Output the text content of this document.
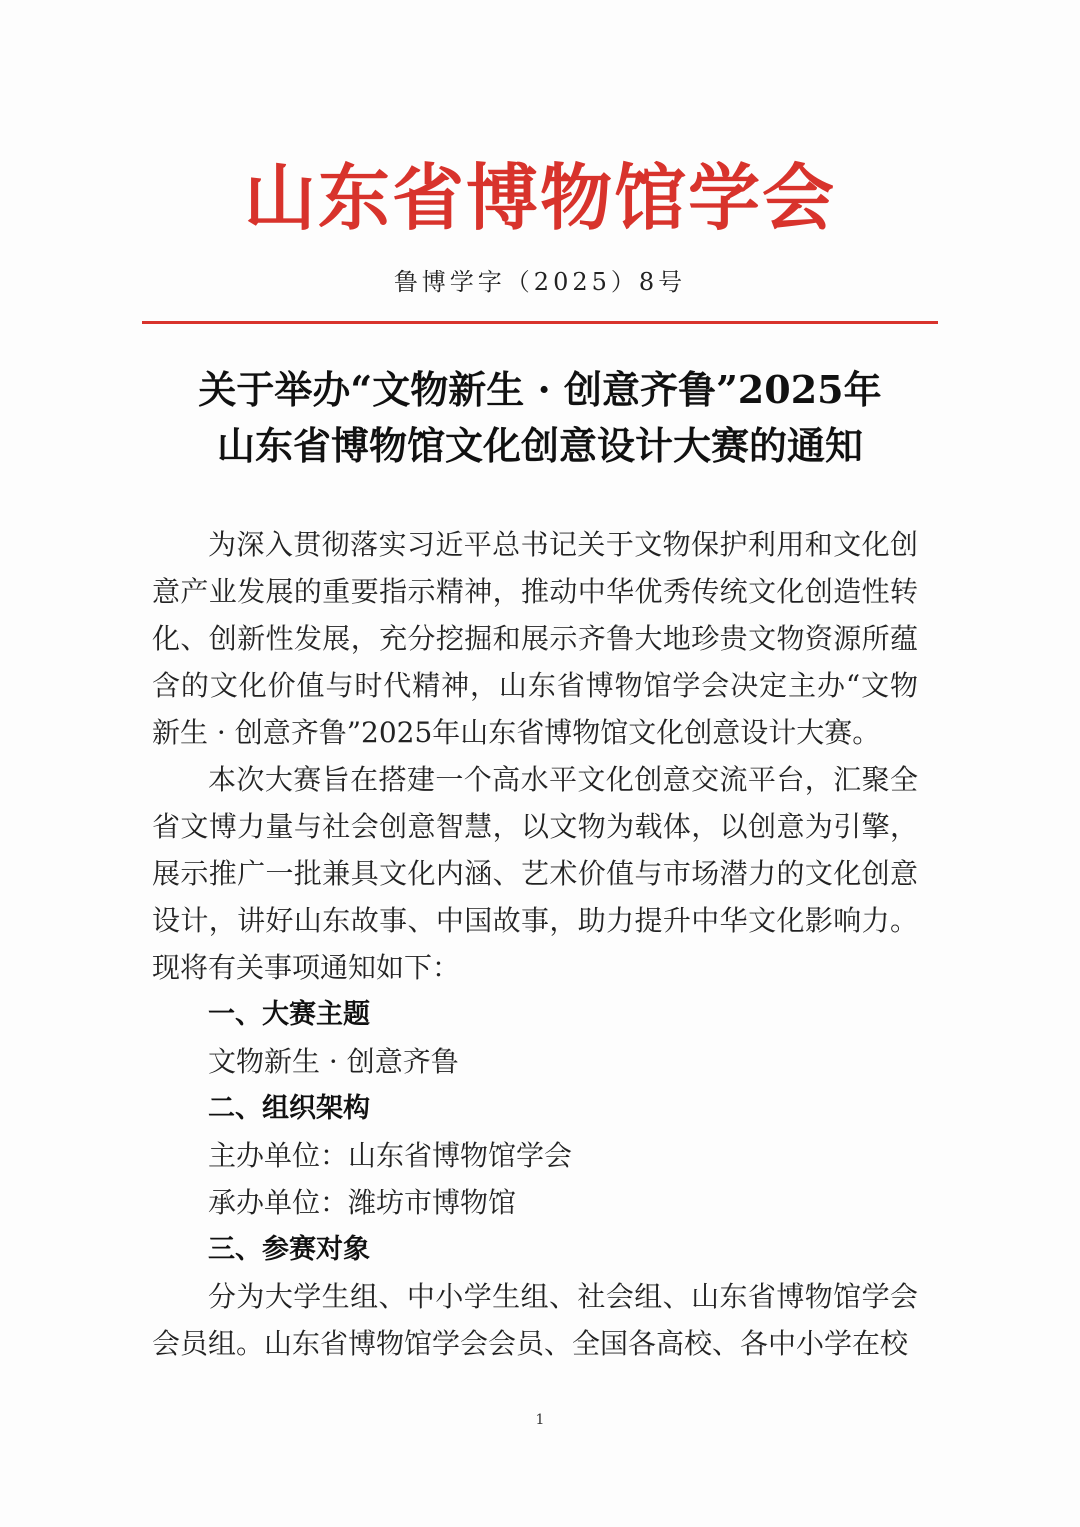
山东省博物馆学会
鲁博学字（2025）8号
关于举办“文物新生 · 创意齐鲁”2025年
山东省博物馆文化创意设计大赛的通知

为深入贯彻落实习近平总书记关于文物保护利用和文化创意产业发展的重要指示精神，推动中华优秀传统文化创造性转化、创新性发展，充分挖掘和展示齐鲁大地珍贵文物资源所蕴含的文化价值与时代精神，山东省博物馆学会决定主办“文物新生 · 创意齐鲁”2025年山东省博物馆文化创意设计大赛。

本次大赛旨在搭建一个高水平文化创意交流平台，汇聚全省文博力量与社会创意智慧，以文物为载体，以创意为引擎，展示推广一批兼具文化内涵、艺术价值与市场潜力的文化创意设计，讲好山东故事、中国故事，助力提升中华文化影响力。现将有关事项通知如下：

一、大赛主题
文物新生 · 创意齐鲁
二、组织架构
主办单位：山东省博物馆学会
承办单位：潍坊市博物馆
三、参赛对象

分为大学生组、中小学生组、社会组、山东省博物馆学会会员组。山东省博物馆学会会员、全国各高校、各中小学在校

1
